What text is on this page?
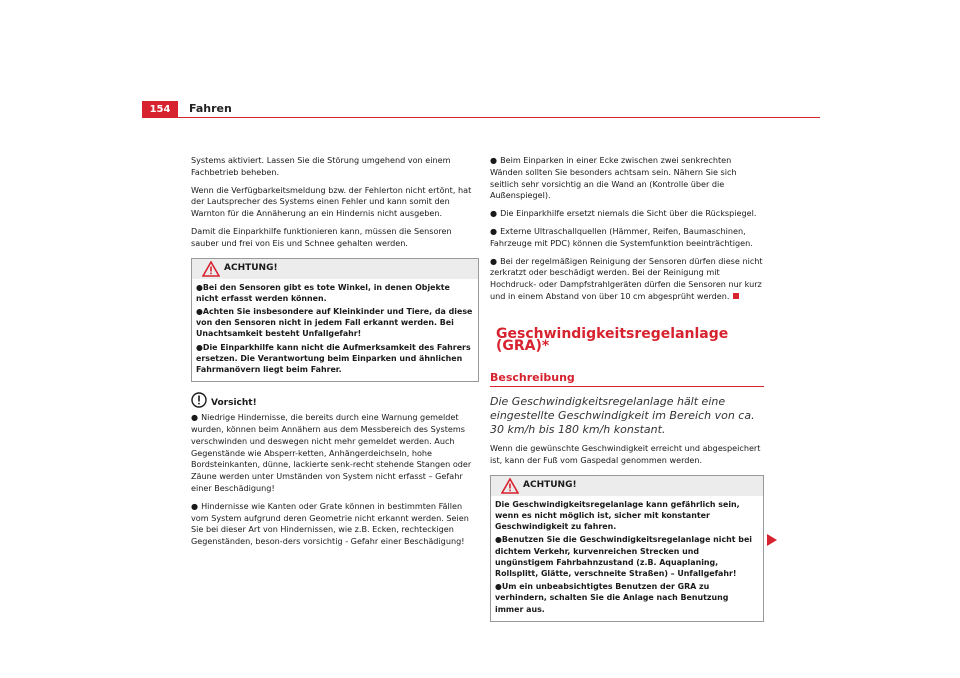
154	Fahren

Systems aktiviert. Lassen Sie die Störung umgehend von einem Fachbetrieb beheben.

Wenn die Verfügbarkeitsmeldung bzw. der Fehlerton nicht ertönt, hat der Lautsprecher des Systems einen Fehler und kann somit den Warnton für die Annäherung an ein Hindernis nicht ausgeben.

Damit die Einparkhilfe funktionieren kann, müssen die Sensoren sauber und frei von Eis und Schnee gehalten werden.

ACHTUNG!

●Bei den Sensoren gibt es tote Winkel, in denen Objekte nicht erfasst werden können.

●Achten Sie insbesondere auf Kleinkinder und Tiere, da diese von den Sensoren nicht in jedem Fall erkannt werden. Bei Unachtsamkeit besteht Unfallgefahr!

●Die Einparkhilfe kann nicht die Aufmerksamkeit des Fahrers ersetzen. Die Verantwortung beim Einparken und ähnlichen Fahrmanövern liegt beim Fahrer.

Vorsicht!

● Niedrige Hindernisse, die bereits durch eine Warnung gemeldet wurden, können beim Annähern aus dem Messbereich des Systems verschwinden und deswegen nicht mehr gemeldet werden. Auch Gegenstände wie Absperr-ketten, Anhängerdeichseln, hohe Bordsteinkanten, dünne, lackierte senk-recht stehende Stangen oder Zäune werden unter Umständen von System nicht erfasst – Gefahr einer Beschädigung!

● Hindernisse wie Kanten oder Grate können in bestimmten Fällen vom System aufgrund deren Geometrie nicht erkannt werden. Seien Sie bei dieser Art von Hindernissen, wie z.B. Ecken, rechteckigen Gegenständen, beson-ders vorsichtig - Gefahr einer Beschädigung!

● Beim Einparken in einer Ecke zwischen zwei senkrechten Wänden sollten Sie besonders achtsam sein. Nähern Sie sich seitlich sehr vorsichtig an die Wand an (Kontrolle über die Außenspiegel).

● Die Einparkhilfe ersetzt niemals die Sicht über die Rückspiegel.

● Externe Ultraschallquellen (Hämmer, Reifen, Baumaschinen, Fahrzeuge mit PDC) können die Systemfunktion beeinträchtigen.

● Bei der regelmäßigen Reinigung der Sensoren dürfen diese nicht zerkratzt oder beschädigt werden. Bei der Reinigung mit Hochdruck- oder Dampfstrahlgeräten dürfen die Sensoren nur kurz und in einem Abstand von über 10 cm abgesprüht werden.

Geschwindigkeitsregelanlage (GRA)*
Beschreibung

Die Geschwindigkeitsregelanlage hält eine eingestellte Geschwindigkeit im Bereich von ca. 30 km/h bis 180 km/h konstant.

Wenn die gewünschte Geschwindigkeit erreicht und abgespeichert ist, kann der Fuß vom Gaspedal genommen werden.

ACHTUNG!

Die Geschwindigkeitsregelanlage kann gefährlich sein, wenn es nicht möglich ist, sicher mit konstanter Geschwindigkeit zu fahren.

●Benutzen Sie die Geschwindigkeitsregelanlage nicht bei dichtem Verkehr, kurvenreichen Strecken und ungünstigem Fahrbahnzustand (z.B. Aquaplaning, Rollsplitt, Glätte, verschneite Straßen) – Unfallgefahr!

●Um ein unbeabsichtigtes Benutzen der GRA zu verhindern, schalten Sie die Anlage nach Benutzung immer aus.
